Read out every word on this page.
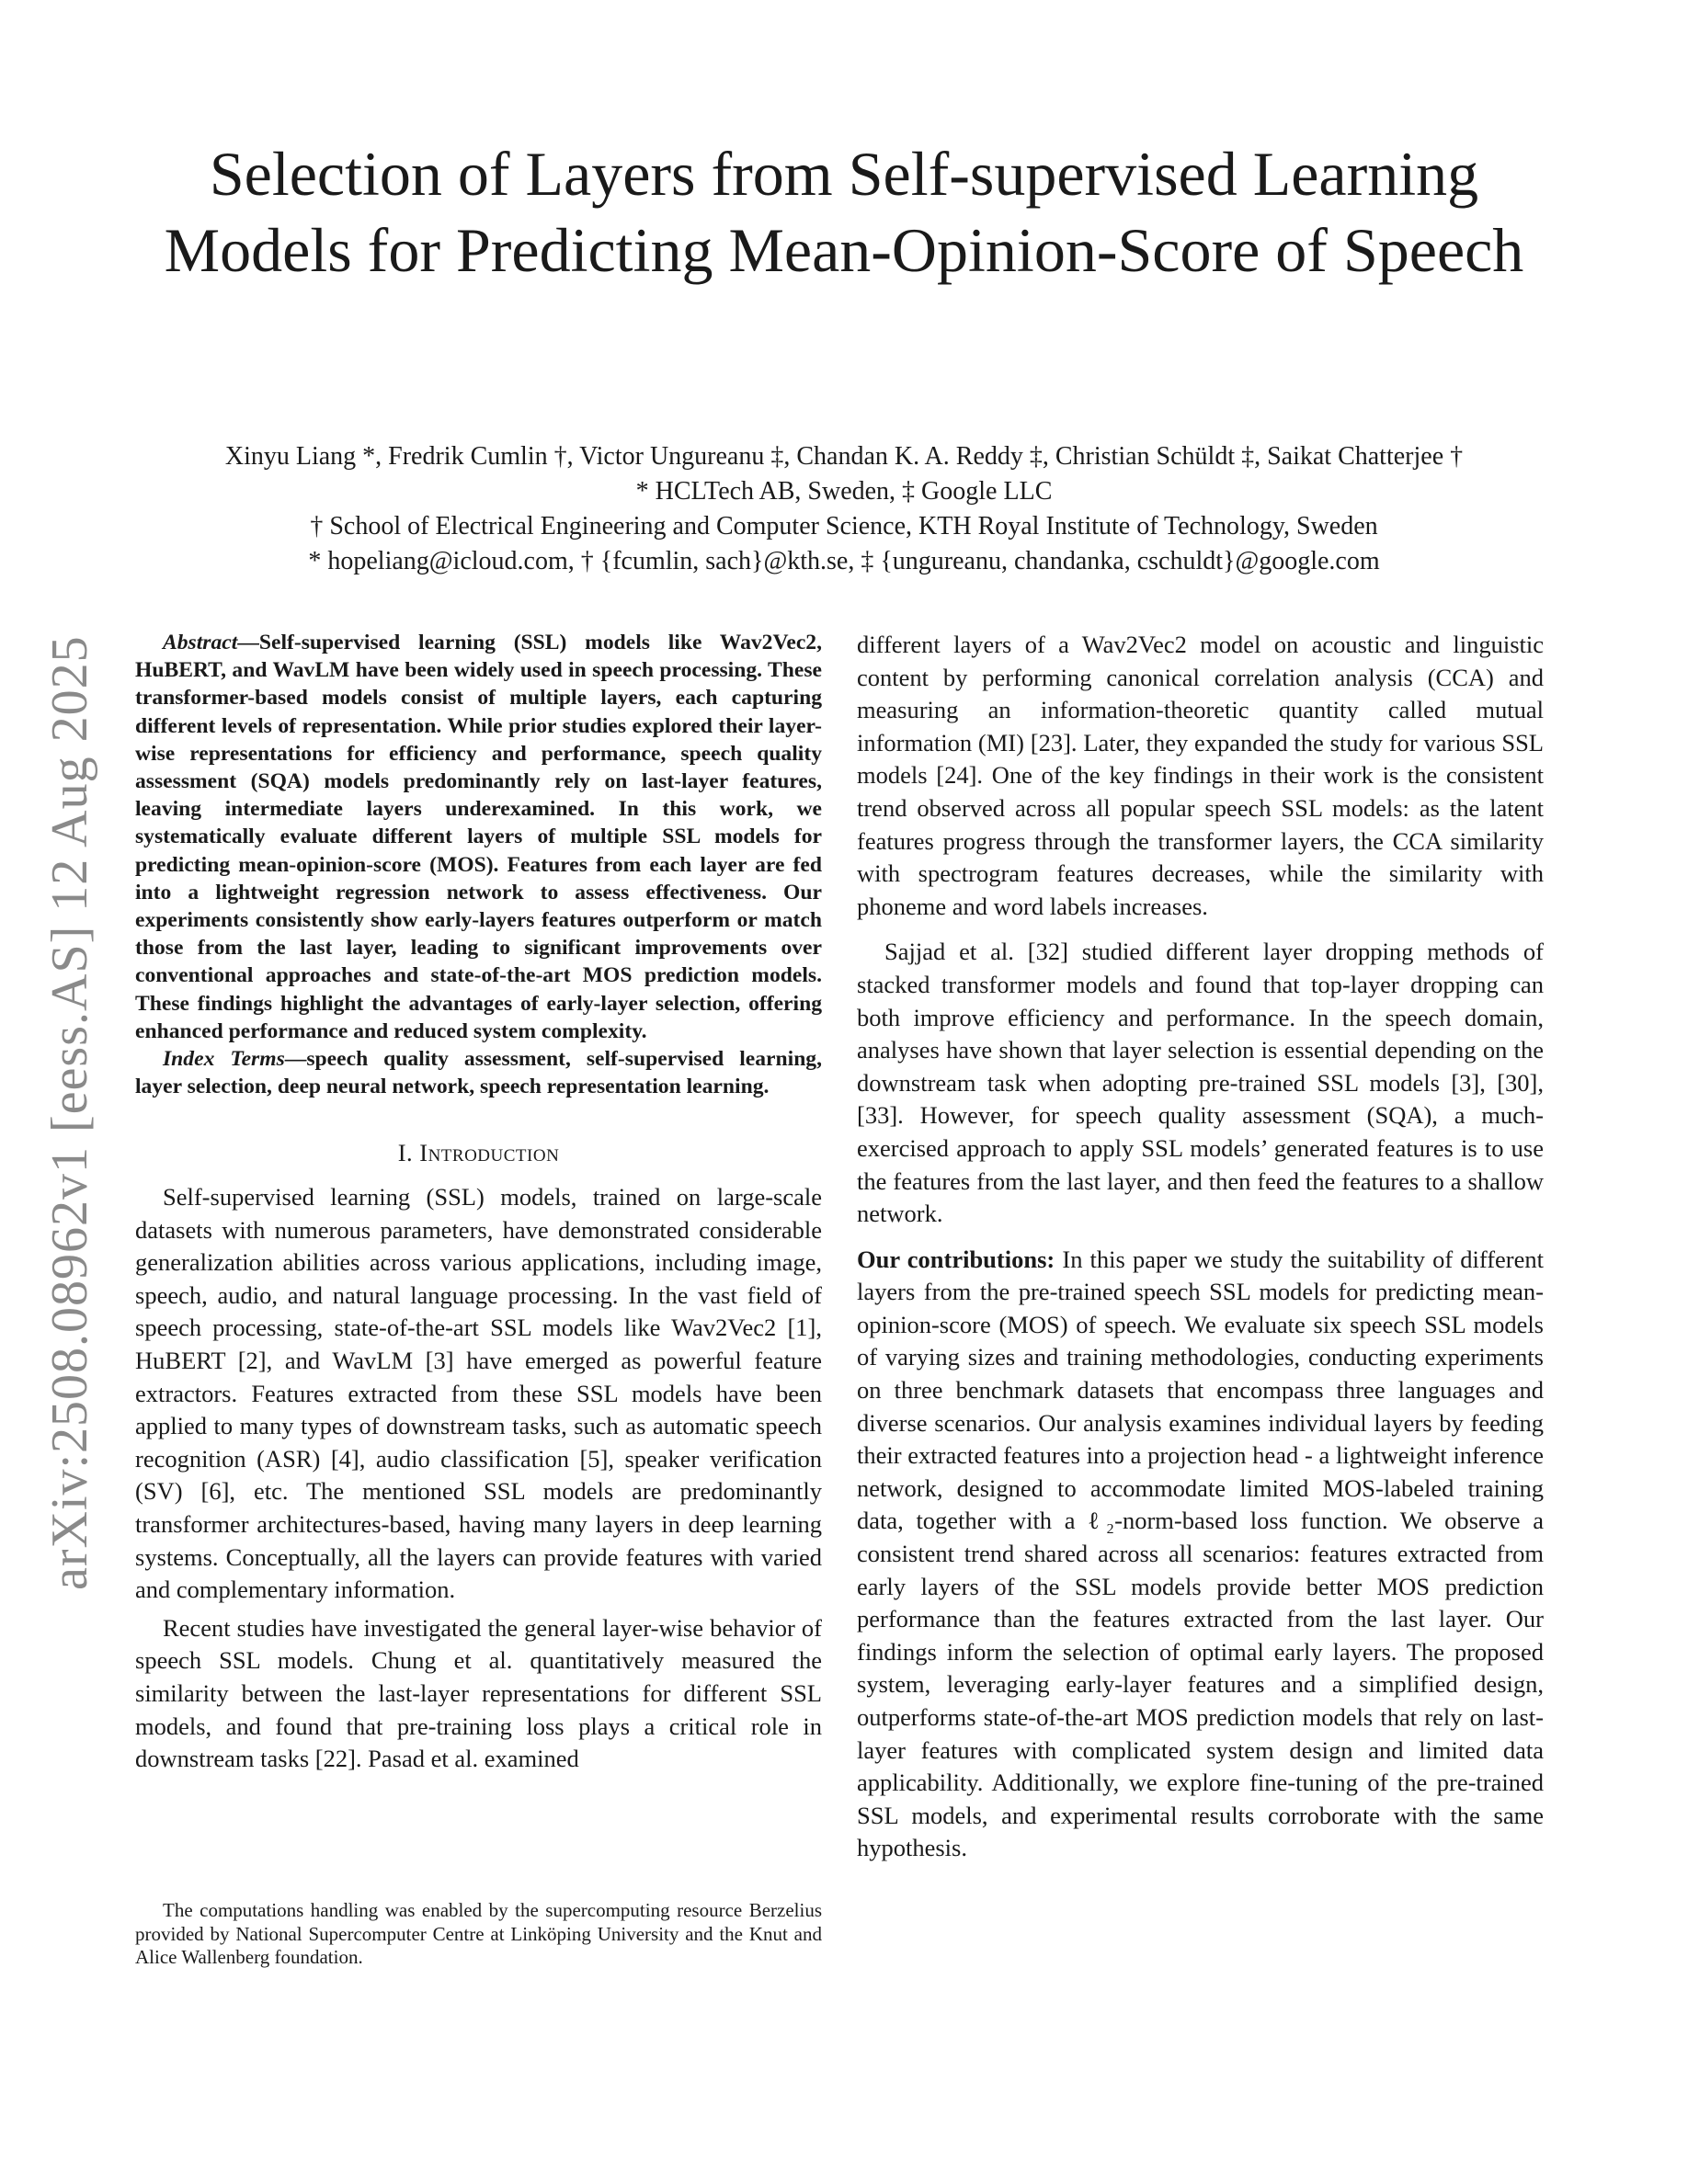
arXiv:2508.08962v1 [eess.AS] 12 Aug 2025
Selection of Layers from Self-supervised Learning Models for Predicting Mean-Opinion-Score of Speech
Xinyu Liang *, Fredrik Cumlin †, Victor Ungureanu ‡, Chandan K. A. Reddy ‡, Christian Schüldt ‡, Saikat Chatterjee †
* HCLTech AB, Sweden, ‡ Google LLC
† School of Electrical Engineering and Computer Science, KTH Royal Institute of Technology, Sweden
* hopeliang@icloud.com, † {fcumlin, sach}@kth.se, ‡ {ungureanu, chandanka, cschuldt}@google.com

Abstract—Self-supervised learning (SSL) models like Wav2Vec2, HuBERT, and WavLM have been widely used in speech processing. These transformer-based models consist of multiple layers, each capturing different levels of representation. While prior studies explored their layer-wise representations for efficiency and performance, speech quality assessment (SQA) models predominantly rely on last-layer features, leaving intermediate layers underexamined. In this work, we systematically evaluate different layers of multiple SSL models for predicting mean-opinion-score (MOS). Features from each layer are fed into a lightweight regression network to assess effectiveness. Our experiments consistently show early-layers features outperform or match those from the last layer, leading to significant improvements over conventional approaches and state-of-the-art MOS prediction models. These findings highlight the advantages of early-layer selection, offering enhanced performance and reduced system complexity.

Index Terms—speech quality assessment, self-supervised learning, layer selection, deep neural network, speech representation learning.

I. Introduction

Self-supervised learning (SSL) models, trained on large-scale datasets with numerous parameters, have demonstrated considerable generalization abilities across various applications, including image, speech, audio, and natural language processing. In the vast field of speech processing, state-of-the-art SSL models like Wav2Vec2 [1], HuBERT [2], and WavLM [3] have emerged as powerful feature extractors. Features extracted from these SSL models have been applied to many types of downstream tasks, such as automatic speech recognition (ASR) [4], audio classification [5], speaker verification (SV) [6], etc. The mentioned SSL models are predominantly transformer architectures-based, having many layers in deep learning systems. Conceptually, all the layers can provide features with varied and complementary information.

Recent studies have investigated the general layer-wise behavior of speech SSL models. Chung et al. quantitatively measured the similarity between the last-layer representations for different SSL models, and found that pre-training loss plays a critical role in downstream tasks [22]. Pasad et al. examined

The computations handling was enabled by the supercomputing resource Berzelius provided by National Supercomputer Centre at Linköping University and the Knut and Alice Wallenberg foundation.

different layers of a Wav2Vec2 model on acoustic and linguistic content by performing canonical correlation analysis (CCA) and measuring an information-theoretic quantity called mutual information (MI) [23]. Later, they expanded the study for various SSL models [24]. One of the key findings in their work is the consistent trend observed across all popular speech SSL models: as the latent features progress through the transformer layers, the CCA similarity with spectrogram features decreases, while the similarity with phoneme and word labels increases.

Sajjad et al. [32] studied different layer dropping methods of stacked transformer models and found that top-layer dropping can both improve efficiency and performance. In the speech domain, analyses have shown that layer selection is essential depending on the downstream task when adopting pre-trained SSL models [3], [30], [33]. However, for speech quality assessment (SQA), a much-exercised approach to apply SSL models’ generated features is to use the features from the last layer, and then feed the features to a shallow network.

Our contributions: In this paper we study the suitability of different layers from the pre-trained speech SSL models for predicting mean-opinion-score (MOS) of speech. We evaluate six speech SSL models of varying sizes and training methodologies, conducting experiments on three benchmark datasets that encompass three languages and diverse scenarios. Our analysis examines individual layers by feeding their extracted features into a projection head - a lightweight inference network, designed to accommodate limited MOS-labeled training data, together with a ℓ₂-norm-based loss function. We observe a consistent trend shared across all scenarios: features extracted from early layers of the SSL models provide better MOS prediction performance than the features extracted from the last layer. Our findings inform the selection of optimal early layers. The proposed system, leveraging early-layer features and a simplified design, outperforms state-of-the-art MOS prediction models that rely on last-layer features with complicated system design and limited data applicability. Additionally, we explore fine-tuning of the pre-trained SSL models, and experimental results corroborate with the same hypothesis.
